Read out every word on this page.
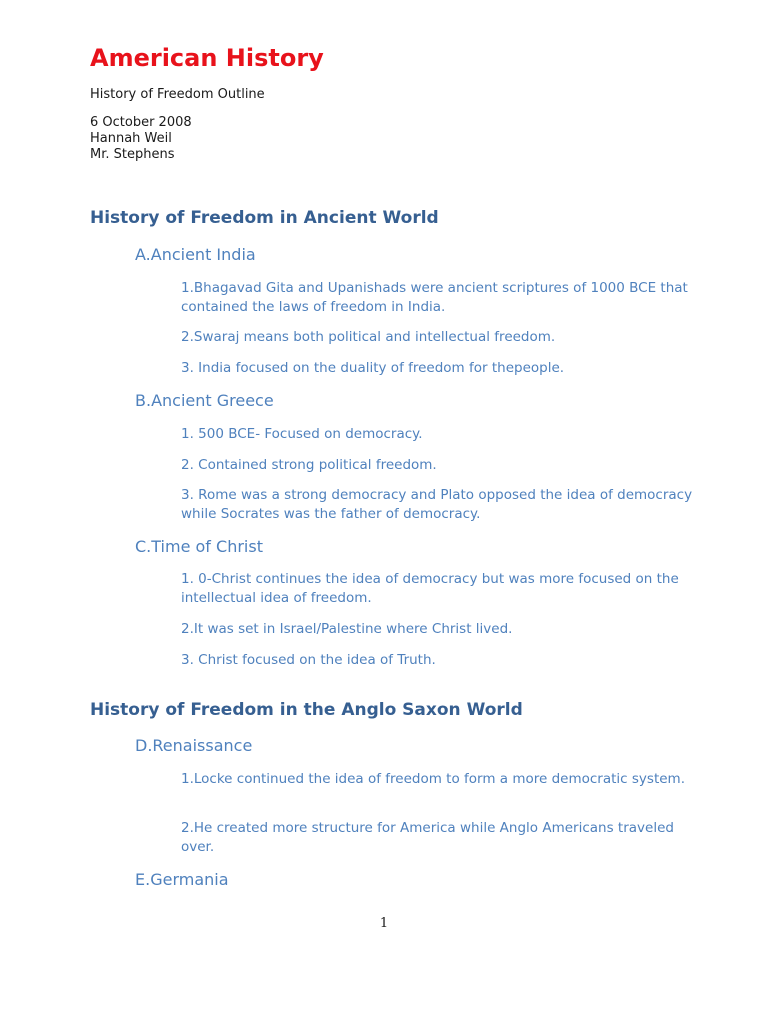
American History
History of Freedom Outline
6 October 2008
Hannah Weil
Mr. Stephens
History of Freedom in Ancient World
A.Ancient India

1.Bhagavad Gita and Upanishads were ancient scriptures of 1000 BCE that contained the laws of freedom in India.

2.Swaraj means both political and intellectual freedom.

3. India focused on the duality of freedom for thepeople.

B.Ancient Greece

1. 500 BCE- Focused on democracy.

2. Contained strong political freedom.

3. Rome was a strong democracy and Plato opposed the idea of democracy while Socrates was the father of democracy.

C.Time of Christ

1. 0-Christ continues the idea of democracy but was more focused on the intellectual idea of freedom.

2.It was set in Israel/Palestine where Christ lived.

3. Christ focused on the idea of Truth.

History of Freedom in the Anglo Saxon World
D.Renaissance

1.Locke continued the idea of freedom to form a more democratic system.

2.He created more structure for America while Anglo Americans traveled over.

E.Germania
1
